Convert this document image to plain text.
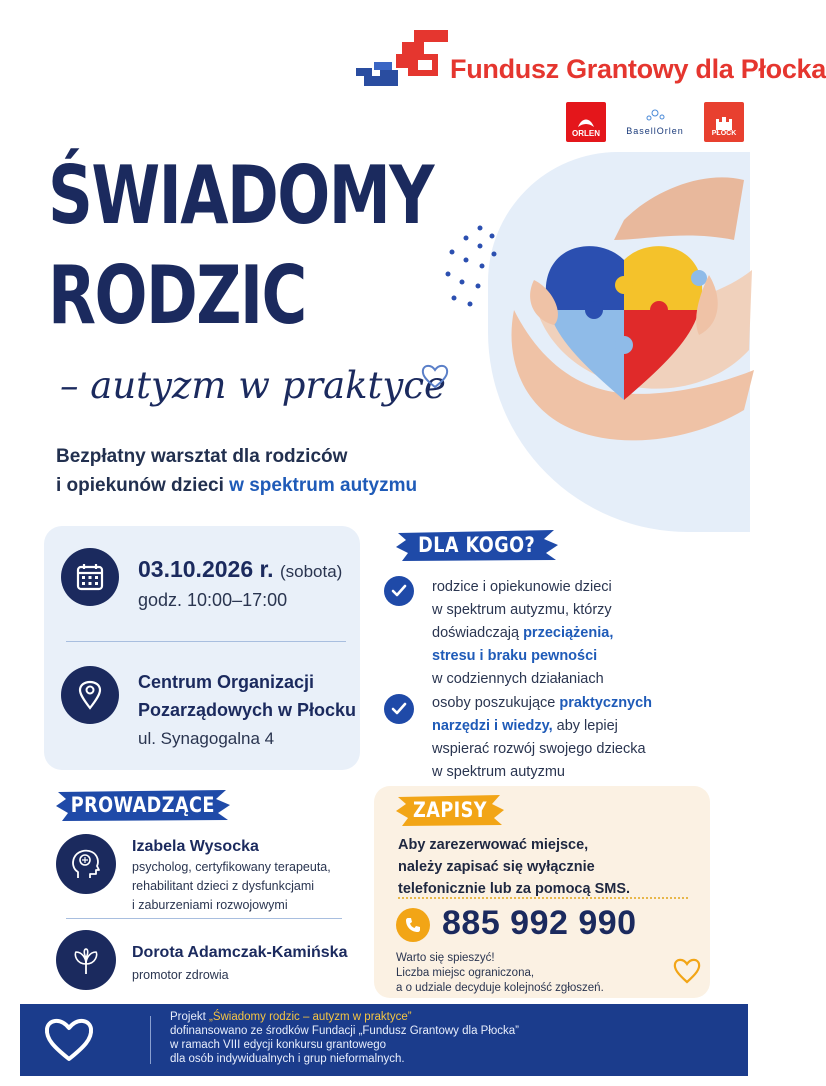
Fundusz Grantowy dla Płocka
ORLEN	BasellOrlen	PŁOCK
ŚWIADOMY
RODZIC
– autyzm w praktyce
Bezpłatny warsztat dla rodziców
i opiekunów dzieci w spektrum autyzmu
03.10.2026 r. (sobota)
godz. 10:00–17:00
Centrum Organizacji
Pozarządowych w Płocku
ul. Synagogalna 4
DLA KOGO?
rodzice i opiekunowie dzieci
w spektrum autyzmu, którzy
doświadczają przeciążenia,
stresu i braku pewności
w codziennych działaniach
osoby poszukujące praktycznych
narzędzi i wiedzy, aby lepiej
wspierać rozwój swojego dziecka
w spektrum autyzmu
PROWADZĄCE
Izabela Wysocka
psycholog, certyfikowany terapeuta,
rehabilitant dzieci z dysfunkcjami
i zaburzeniami rozwojowymi
Dorota Adamczak-Kamińska
promotor zdrowia
ZAPISY
Aby zarezerwować miejsce,
należy zapisać się wyłącznie
telefonicznie lub za pomocą SMS.
885 992 990
Warto się spieszyć!
Liczba miejsc ograniczona,
a o udziale decyduje kolejność zgłoszeń.
Projekt „Świadomy rodzic – autyzm w praktyce”
dofinansowano ze środków Fundacji „Fundusz Grantowy dla Płocka”
w ramach VIII edycji konkursu grantowego
dla osób indywidualnych i grup nieformalnych.
